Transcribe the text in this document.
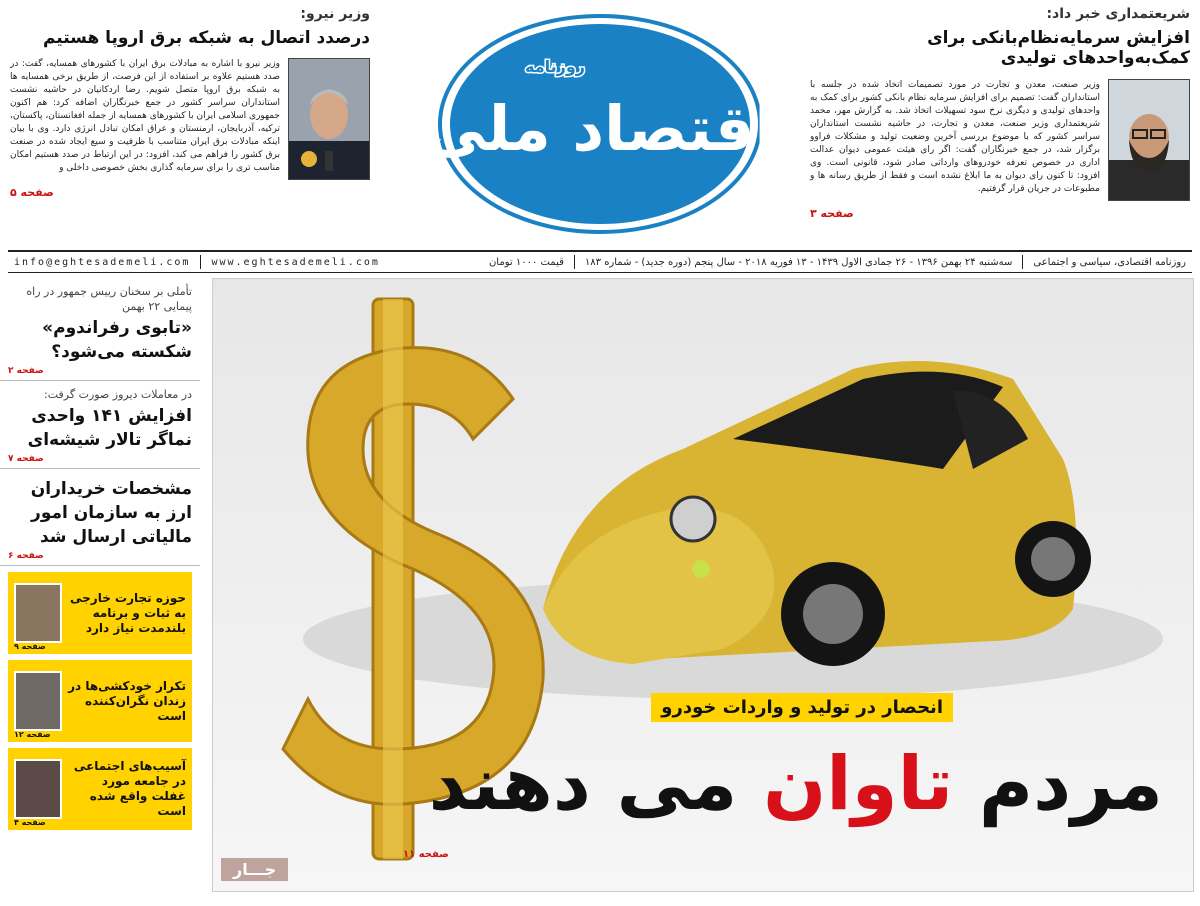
شریعتمداری خبر داد:
افزایش سرمایه‌نظام‌بانکی برای کمک‌به‌واحدهای تولیدی
وزیر صنعت، معدن و تجارت در مورد تصمیمات اتخاذ شده در جلسه با استانداران گفت: تصمیم برای افزایش سرمایه نظام بانکی کشور برای کمک به واحدهای تولیدی و دیگری نرخ سود تسهیلات اتخاذ شد. به گزارش مهر، محمد شریعتمداری وزیر صنعت، معدن و تجارت، در حاشیه نشست استانداران سراسر کشور که با موضوع بررسی آخرین وضعیت تولید و مشکلات فراوو برگزار شد، در جمع خبرنگاران گفت: اگر رای هیئت عمومی دیوان عدالت اداری در خصوص تعرفه خودروهای وارداتی صادر شود، قانونی است. وی افزود: تا کنون رای دیوان به ما ابلاغ نشده است و فقط از طریق رسانه ها و مطبوعات در جریان قرار گرفتیم.
صفحه ۳
روزنامه
اقتصاد ملی
وزیر نیرو:
درصدد اتصال به شبکه برق اروپا هستیم
وزیر نیرو با اشاره به مبادلات برق ایران با کشورهای همسایه، گفت: در صدد هستیم علاوه بر استفاده از این فرصت، از طریق برخی همسایه ها به شبکه برق اروپا متصل شویم. رضا اردکانیان در حاشیه نشست استانداران سراسر کشور در جمع خبرنگاران اضافه کرد: هم اکنون جمهوری اسلامی ایران با کشورهای همسایه از جمله افغانستان، پاکستان، ترکیه، آذربایجان، ارمنستان و عراق امکان تبادل انرژی دارد. وی با بیان اینکه مبادلات برق ایران متناسب با ظرفیت و سیع ایجاد شده در صنعت برق کشور را فراهم می کند، افزود: در این ارتباط در صدد هستیم امکان مناسب تری را برای سرمایه گذاری بخش خصوصی داخلی و
صفحه ۵
روزنامه اقتصادی، سیاسی و اجتماعی
سه‌شنبه ۲۴ بهمن ۱۳۹۶ - ۲۶ جمادی الاول ۱۴۳۹ - ۱۳ فوریه ۲۰۱۸ - سال پنجم (دوره جدید) - شماره ۱۸۳
قیمت ۱۰۰۰ تومان
www.eghtesademeli.com
info@eghtesademeli.com
انحصار در تولید و واردات خودرو
مردم تاوان می دهند
صفحه ۱۱
جـــار
تأملی بر سخنان رییس جمهور در راه پیمایی ۲۲ بهمن
«تابوی رفراندوم» شکسته می‌شود؟
صفحه ۲
در معاملات دیروز صورت گرفت:
افزایش ۱۴۱ واحدی نماگر تالار شیشه‌ای
صفحه ۷
مشخصات خریداران ارز به سازمان امور مالیاتی ارسال شد
صفحه ۶
حوزه تجارت خارجی به ثبات و برنامه بلندمدت نیاز دارد
صفحه ۹
تکرار خودکشی‌ها در زندان نگران‌کننده است
صفحه ۱۲
آسیب‌های اجتماعی در جامعه مورد غفلت واقع شده است
صفحه ۴
